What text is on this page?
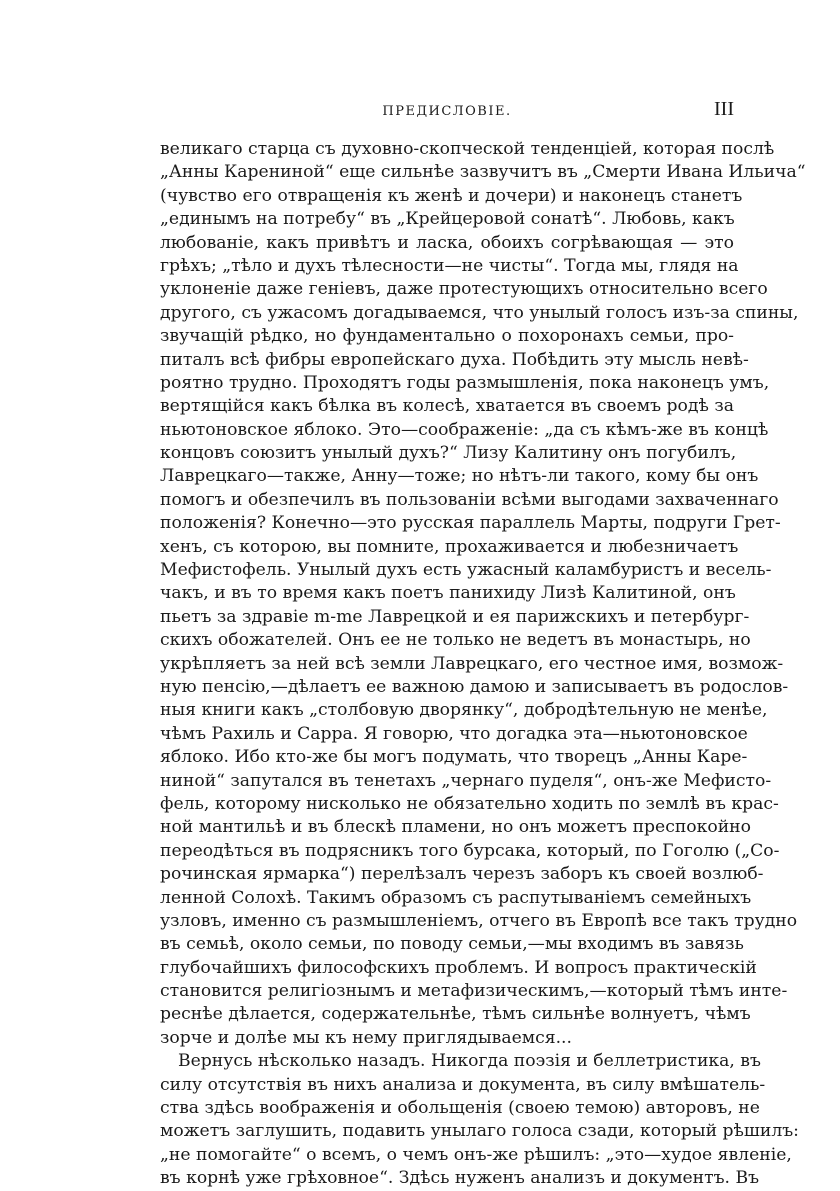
ПРЕДИСЛОВІЕ.	III
великаго старца съ духовно-скопческой тенденціей, которая послѣ
„Анны Карениной“ еще сильнѣе зазвучитъ въ „Смерти Ивана Ильича“
(чувство его отвращенія къ женѣ и дочери) и наконецъ станетъ
„единымъ на потребу“ въ „Крейцеровой сонатѣ“. Любовь, какъ
любованіе, какъ привѣтъ и ласка, обоихъ согрѣвающая — это
грѣхъ; „тѣло и духъ тѣлесности—не чисты“. Тогда мы, глядя на
уклоненіе даже геніевъ, даже протестующихъ относительно всего
другого, съ ужасомъ догадываемся, что унылый голосъ изъ-за спины,
звучащій рѣдко, но фундаментально о похоронахъ семьи, про-
питалъ всѣ фибры европейскаго духа. Побѣдить эту мысль невѣ-
роятно трудно. Проходятъ годы размышленія, пока наконецъ умъ,
вертящійся какъ бѣлка въ колесѣ, хватается въ своемъ родѣ за
ньютоновское яблоко. Это—соображеніе: „да съ кѣмъ-же въ концѣ
концовъ союзитъ унылый духъ?“ Лизу Калитину онъ погубилъ,
Лаврецкаго—также, Анну—тоже; но нѣтъ-ли такого, кому бы онъ
помогъ и обезпечилъ въ пользованіи всѣми выгодами захваченнаго
положенія? Конечно—это русская параллель Марты, подруги Грет-
хенъ, съ которою, вы помните, прохаживается и любезничаетъ
Мефистофель. Унылый духъ есть ужасный каламбуристъ и весель-
чакъ, и въ то время какъ поетъ панихиду Лизѣ Калитиной, онъ
пьетъ за здравіе m-me Лаврецкой и ея парижскихъ и петербург-
скихъ обожателей. Онъ ее не только не ведетъ въ монастырь, но
укрѣпляетъ за ней всѣ земли Лаврецкаго, его честное имя, возмож-
ную пенсію,—дѣлаетъ ее важною дамою и записываетъ въ родослов-
ныя книги какъ „столбовую дворянку“, добродѣтельную не менѣе,
чѣмъ Рахиль и Сарра. Я говорю, что догадка эта—ньютоновское
яблоко. Ибо кто-же бы могъ подумать, что творецъ „Анны Карe-
ниной“ запутался въ тенетахъ „чернаго пуделя“, онъ-же Мефисто-
фель, которому нисколько не обязательно ходить по землѣ въ крас-
ной мантильѣ и въ блескѣ пламени, но онъ можетъ преспокойно
переодѣться въ подрясникъ того бурсака, который, по Гоголю („Со-
рочинская ярмарка“) перелѣзалъ черезъ заборъ къ своей возлюб-
ленной Солохѣ. Такимъ образомъ съ распутываніемъ семейныхъ
узловъ, именно съ размышленіемъ, отчего въ Европѣ все такъ трудно
въ семьѣ, около семьи, по поводу семьи,—мы входимъ въ завязь
глубочайшихъ философскихъ проблемъ. И вопросъ практическій
становится религіознымъ и метафизическимъ,—который тѣмъ инте-
реснѣе дѣлается, содержательнѣе, тѣмъ сильнѣе волнуетъ, чѣмъ
зорче и долѣе мы къ нему приглядываемся...
Вернусь нѣсколько назадъ. Никогда поэзія и беллетристика, въ
силу отсутствія въ нихъ анализа и документа, въ силу вмѣшатель-
ства здѣсь воображенія и обольщенія (своею темою) авторовъ, не
можетъ заглушить, подавить унылаго голоса сзади, который рѣшилъ:
„не помогайте“ о всемъ, о чемъ онъ-же рѣшилъ: „это—худое явленіе,
въ корнѣ уже грѣховное“. Здѣсь нуженъ анализъ и документъ. Въ
